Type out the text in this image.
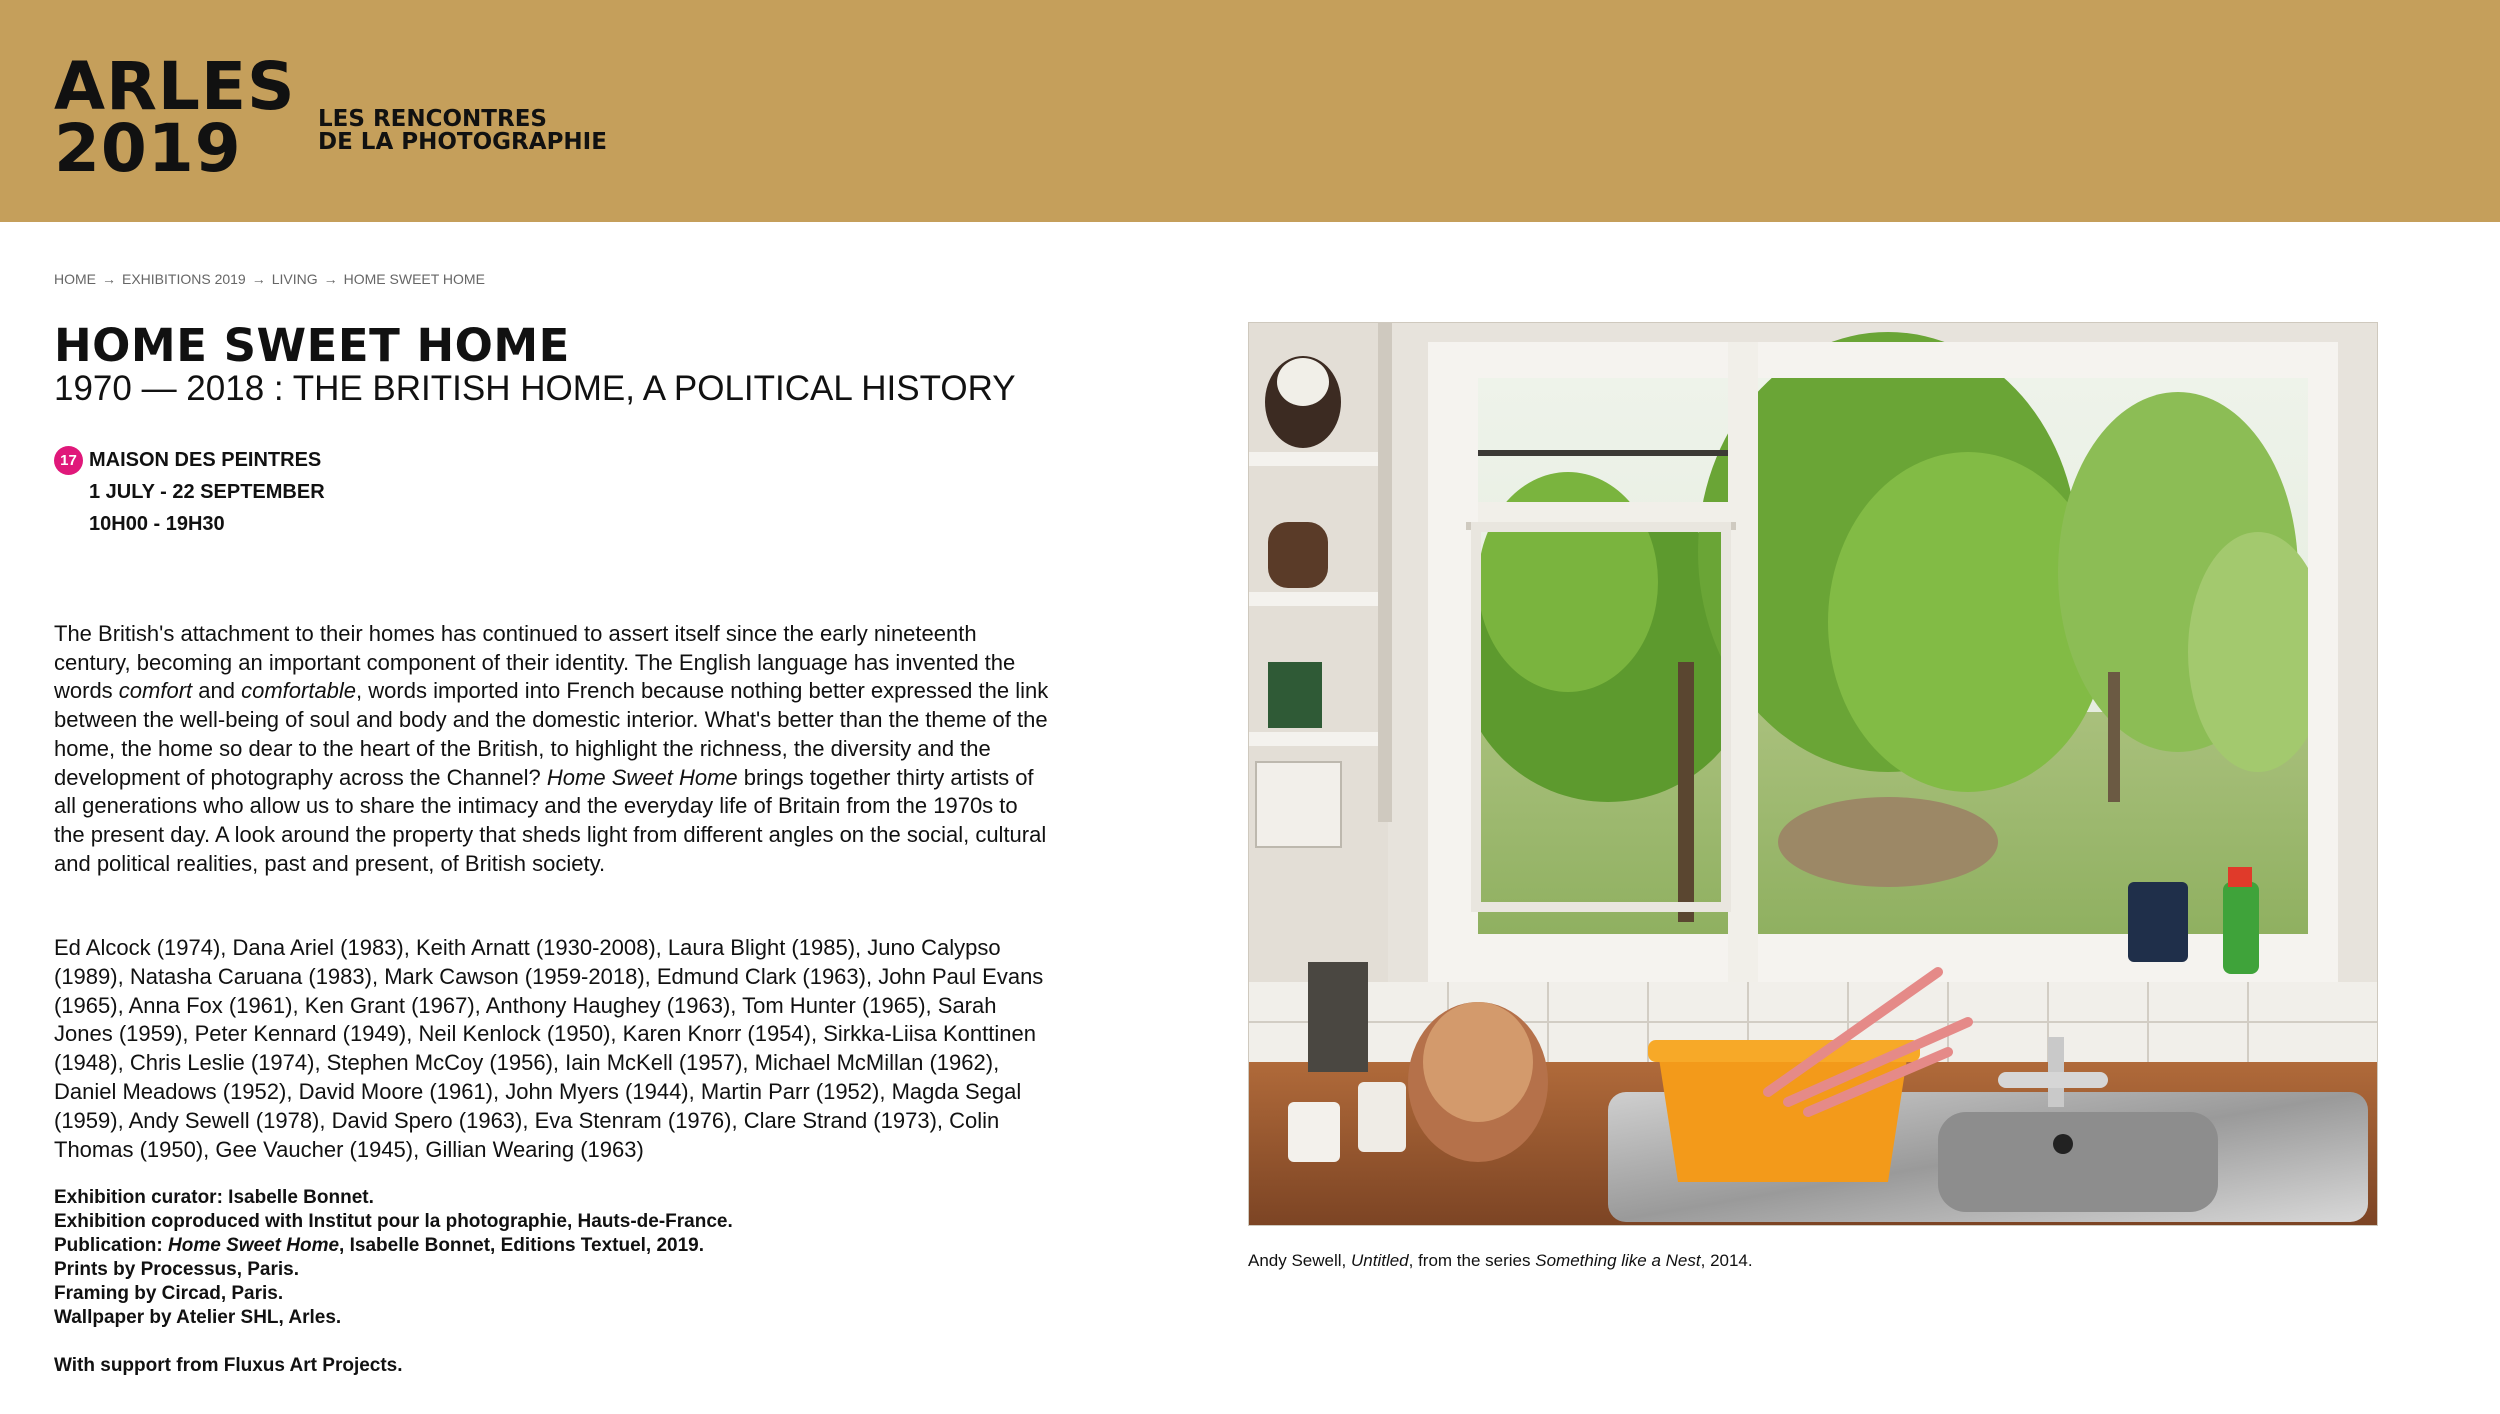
ARLES
2019	LES RENCONTRES
DE LA PHOTOGRAPHIE
HOME → EXHIBITIONS 2019 → LIVING → HOME SWEET HOME
HOME SWEET HOME
1970 — 2018 : THE BRITISH HOME, A POLITICAL HISTORY
17 MAISON DES PEINTRES
1 JULY - 22 SEPTEMBER
10H00 - 19H30

The British's attachment to their homes has continued to assert itself since the early nineteenth century, becoming an important component of their identity. The English language has invented the words comfort and comfortable, words imported into French because nothing better expressed the link between the well-being of soul and body and the domestic interior. What's better than the theme of the home, the home so dear to the heart of the British, to highlight the richness, the diversity and the development of photography across the Channel? Home Sweet Home brings together thirty artists of all generations who allow us to share the intimacy and the everyday life of Britain from the 1970s to the present day. A look around the property that sheds light from different angles on the social, cultural and political realities, past and present, of British society.

Ed Alcock (1974), Dana Ariel (1983), Keith Arnatt (1930-2008), Laura Blight (1985), Juno Calypso (1989), Natasha Caruana (1983), Mark Cawson (1959-2018), Edmund Clark (1963), John Paul Evans (1965), Anna Fox (1961), Ken Grant (1967), Anthony Haughey (1963), Tom Hunter (1965), Sarah Jones (1959), Peter Kennard (1949), Neil Kenlock (1950), Karen Knorr (1954), Sirkka-Liisa Konttinen (1948), Chris Leslie (1974), Stephen McCoy (1956), Iain McKell (1957), Michael McMillan (1962), Daniel Meadows (1952), David Moore (1961), John Myers (1944), Martin Parr (1952), Magda Segal (1959), Andy Sewell (1978), David Spero (1963), Eva Stenram (1976), Clare Strand (1973), Colin Thomas (1950), Gee Vaucher (1945), Gillian Wearing (1963)

Exhibition curator: Isabelle Bonnet.
Exhibition coproduced with Institut pour la photographie, Hauts-de-France.
Publication: Home Sweet Home, Isabelle Bonnet, Editions Textuel, 2019.
Prints by Processus, Paris.
Framing by Circad, Paris.
Wallpaper by Atelier SHL, Arles.
With support from Fluxus Art Projects.
Andy Sewell, Untitled, from the series Something like a Nest, 2014.
